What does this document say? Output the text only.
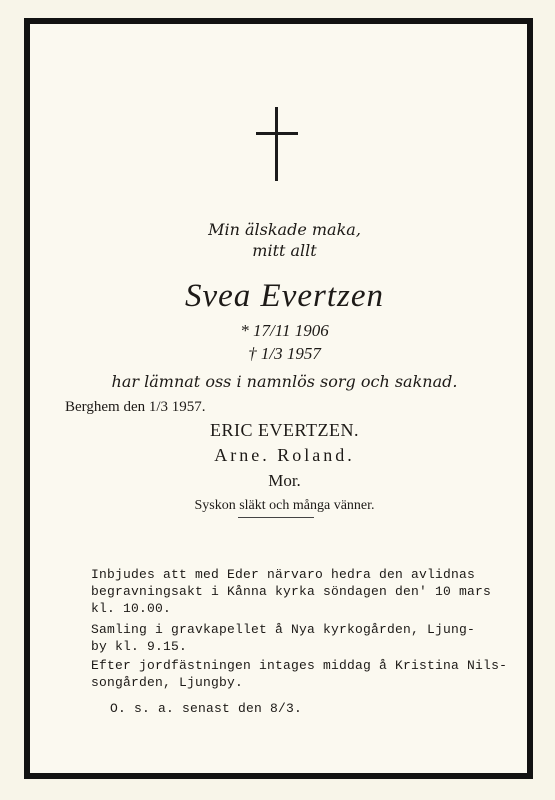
Min älskade maka,
mitt allt
Svea Evertzen
* 17/11 1906
† 1/3 1957
har lämnat oss i namnlös sorg och saknad.
Berghem den 1/3 1957.
ERIC EVERTZEN.
Arne. Roland.
Mor.
Syskon släkt och många vänner.

Inbjudes att med Eder närvaro hedra den avlidnas

begravningsakt i Kånna kyrka söndagen den' 10 mars

kl. 10.00.

Samling i gravkapellet å Nya kyrkogården, Ljung-

by kl. 9.15.

Efter jordfästningen intages middag å Kristina Nils-

songården, Ljungby.

O. s. a. senast den 8/3.
